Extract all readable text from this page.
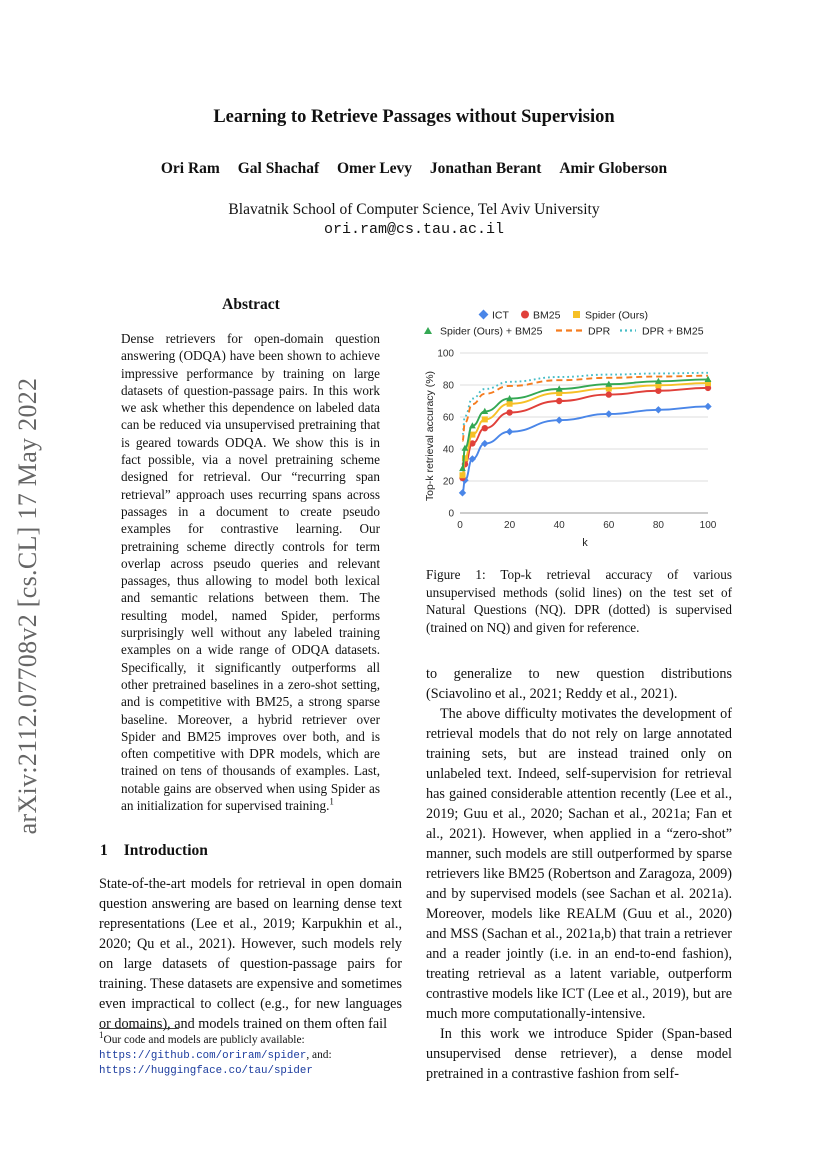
arXiv:2112.07708v2 [cs.CL] 17 May 2022
Learning to Retrieve Passages without Supervision
Ori Ram Gal Shachaf Omer Levy Jonathan Berant Amir Globerson
Blavatnik School of Computer Science, Tel Aviv University
ori.ram@cs.tau.ac.il
Abstract
Dense retrievers for open-domain question answering (ODQA) have been shown to achieve impressive performance by training on large datasets of question-passage pairs. In this work we ask whether this dependence on labeled data can be reduced via unsupervised pretraining that is geared towards ODQA. We show this is in fact possible, via a novel pretraining scheme designed for retrieval. Our “recurring span retrieval” approach uses recurring spans across passages in a document to create pseudo examples for contrastive learning. Our pretraining scheme directly controls for term overlap across pseudo queries and relevant passages, thus allowing to model both lexical and semantic relations between them. The resulting model, named Spider, performs surprisingly well without any labeled training examples on a wide range of ODQA datasets. Specifically, it significantly outperforms all other pretrained baselines in a zero-shot setting, and is competitive with BM25, a strong sparse baseline. Moreover, a hybrid retriever over Spider and BM25 improves over both, and is often competitive with DPR models, which are trained on tens of thousands of examples. Last, notable gains are observed when using Spider as an initialization for supervised training.$^1$
1 Introduction
State-of-the-art models for retrieval in open domain question answering are based on learning dense text representations (Lee et al., 2019; Karpukhin et al., 2020; Qu et al., 2021). However, such models rely on large datasets of question-passage pairs for training. These datasets are expensive and sometimes even impractical to collect (e.g., for new languages or domains), and models trained on them often fail
$^1$Our code and models are publicly available:
https://github.com/oriram/spider, and:
https://huggingface.co/tau/spider
ICT BM25 Spider (Ours)
Spider (Ours) + BM25	DPR	DPR + BM25
0
20
40
60
80
100
0	20	40	60	80	100
k
Top-k retrieval accuracy (%)
Figure 1: Top-k retrieval accuracy of various unsupervised methods (solid lines) on the test set of Natural Questions (NQ). DPR (dotted) is supervised (trained on NQ) and given for reference.

to generalize to new question distributions (Sciavolino et al., 2021; Reddy et al., 2021).

The above difficulty motivates the development of retrieval models that do not rely on large annotated training sets, but are instead trained only on unlabeled text. Indeed, self-supervision for retrieval has gained considerable attention recently (Lee et al., 2019; Guu et al., 2020; Sachan et al., 2021a; Fan et al., 2021). However, when applied in a “zero-shot” manner, such models are still outperformed by sparse retrievers like BM25 (Robertson and Zaragoza, 2009) and by supervised models (see Sachan et al. 2021a). Moreover, models like REALM (Guu et al., 2020) and MSS (Sachan et al., 2021a,b) that train a retriever and a reader jointly (i.e. in an end-to-end fashion), treating retrieval as a latent variable, outperform contrastive models like ICT (Lee et al., 2019), but are much more computationally-intensive.

In this work we introduce Spider (Span-based unsupervised dense retriever), a dense model pretrained in a contrastive fashion from self-
